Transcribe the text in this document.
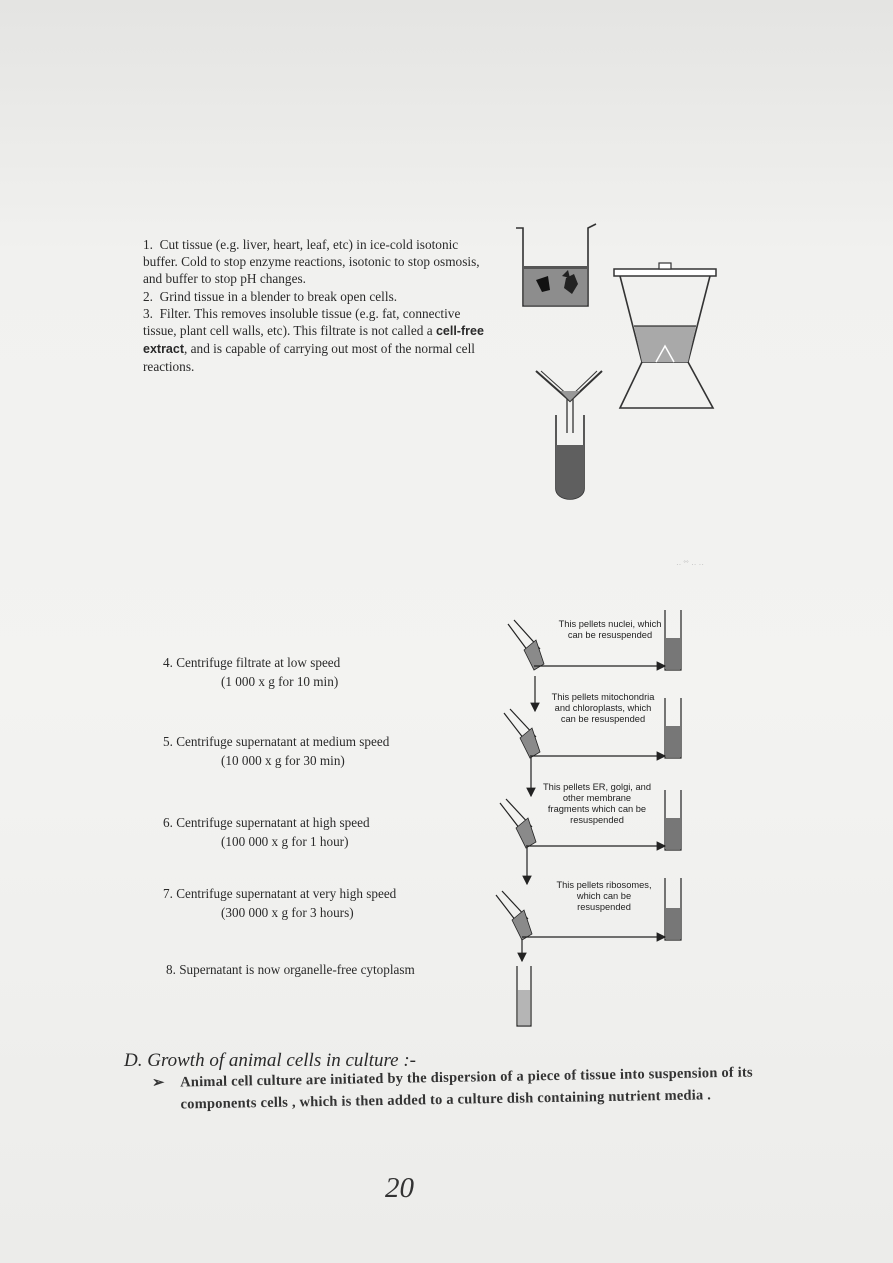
1. Cut tissue (e.g. liver, heart, leaf, etc) in ice-cold isotonic buffer. Cold to stop enzyme reactions, isotonic to stop osmosis, and buffer to stop pH changes.

2. Grind tissue in a blender to break open cells.

3. Filter. This removes insoluble tissue (e.g. fat, connective tissue, plant cell walls, etc). This filtrate is not called a cell-free extract, and is capable of carrying out most of the normal cell reactions.

·· ˚˚ ·· ··
4. Centrifuge filtrate at low speed
(1 000 x g for 10 min)
5. Centrifuge supernatant at medium speed
(10 000 x g for 30 min)
6. Centrifuge supernatant at high speed
(100 000 x g for 1 hour)
7. Centrifuge supernatant at very high speed
(300 000 x g for 3 hours)
8. Supernatant is now organelle-free cytoplasm
This pellets nuclei, which can be resuspended
This pellets mitochondria and chloroplasts, which can be resuspended
This pellets ER, golgi, and other membrane fragments which can be resuspended
This pellets ribosomes, which can be resuspended
D. Growth of animal cells in culture :-
➢	Animal cell culture are initiated by the dispersion of a piece of tissue into suspension of its components cells , which is then added to a culture dish containing nutrient media .
20
